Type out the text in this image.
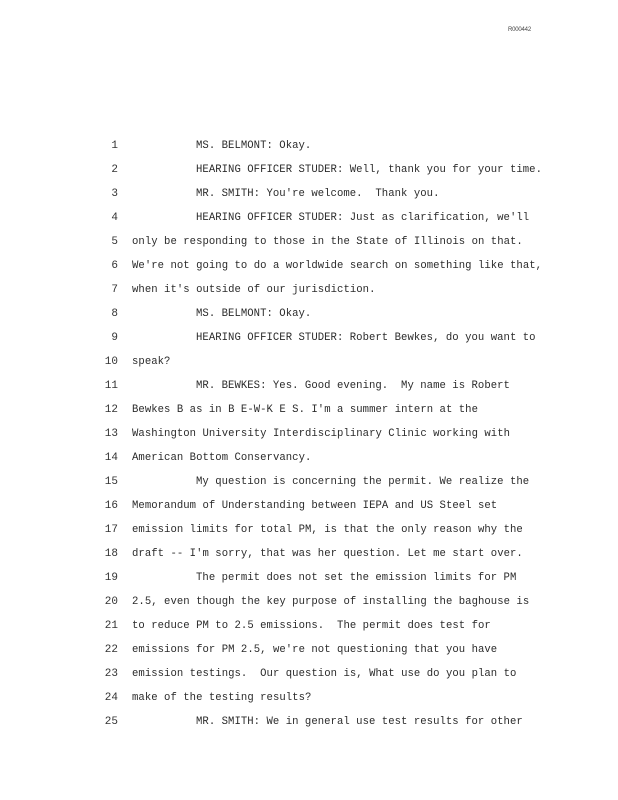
R000442
1	MS. BELMONT: Okay.
2	HEARING OFFICER STUDER: Well, thank you for your time.
3	MR. SMITH: You're welcome.  Thank you.
4	HEARING OFFICER STUDER: Just as clarification, we'll
5 only be responding to those in the State of Illinois on that.
6 We're not going to do a worldwide search on something like that,
7 when it's outside of our jurisdiction.
8	MS. BELMONT: Okay.
9	HEARING OFFICER STUDER: Robert Bewkes, do you want to
10 speak?
11	MR. BEWKES: Yes. Good evening.  My name is Robert
12 Bewkes B as in B E-W-K E S. I'm a summer intern at the
13 Washington University Interdisciplinary Clinic working with
14 American Bottom Conservancy.
15	My question is concerning the permit. We realize the
16 Memorandum of Understanding between IEPA and US Steel set
17 emission limits for total PM, is that the only reason why the
18 draft -- I'm sorry, that was her question. Let me start over.
19	The permit does not set the emission limits for PM
20 2.5, even though the key purpose of installing the baghouse is
21 to reduce PM to 2.5 emissions.  The permit does test for
22 emissions for PM 2.5, we're not questioning that you have
23 emission testings.  Our question is, What use do you plan to
24 make of the testing results?
25	MR. SMITH: We in general use test results for other
